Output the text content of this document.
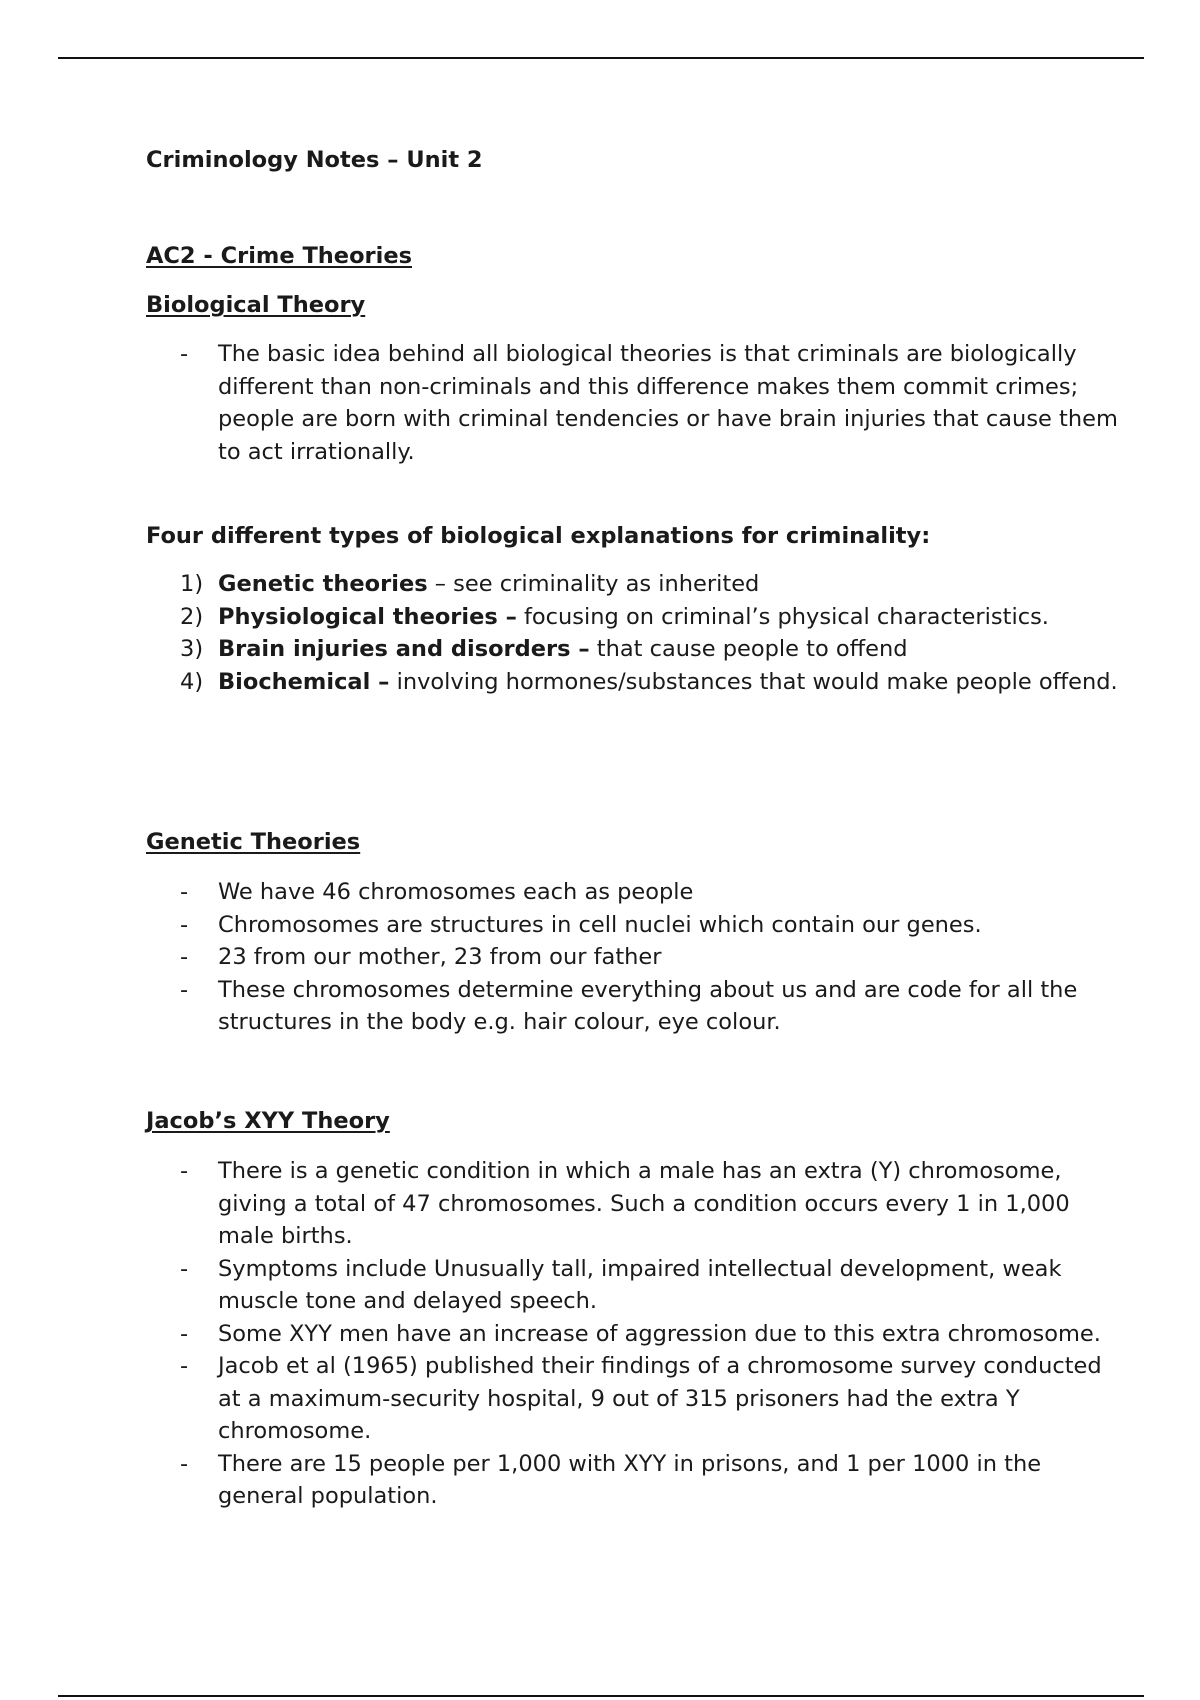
Criminology Notes – Unit 2
AC2 - Crime Theories
Biological Theory
- The basic idea behind all biological theories is that criminals are biologically different than non-criminals and this difference makes them commit crimes; people are born with criminal tendencies or have brain injuries that cause them to act irrationally.
Four different types of biological explanations for criminality:
1) Genetic theories – see criminality as inherited
2) Physiological theories – focusing on criminal’s physical characteristics.
3) Brain injuries and disorders – that cause people to offend
4) Biochemical – involving hormones/substances that would make people offend.
Genetic Theories
- We have 46 chromosomes each as people
- Chromosomes are structures in cell nuclei which contain our genes.
- 23 from our mother, 23 from our father
- These chromosomes determine everything about us and are code for all the structures in the body e.g. hair colour, eye colour.
Jacob’s XYY Theory
- There is a genetic condition in which a male has an extra (Y) chromosome, giving a total of 47 chromosomes. Such a condition occurs every 1 in 1,000 male births.
- Symptoms include Unusually tall, impaired intellectual development, weak muscle tone and delayed speech.
- Some XYY men have an increase of aggression due to this extra chromosome.
- Jacob et al (1965) published their findings of a chromosome survey conducted at a maximum-security hospital, 9 out of 315 prisoners had the extra Y chromosome.
- There are 15 people per 1,000 with XYY in prisons, and 1 per 1000 in the general population.
